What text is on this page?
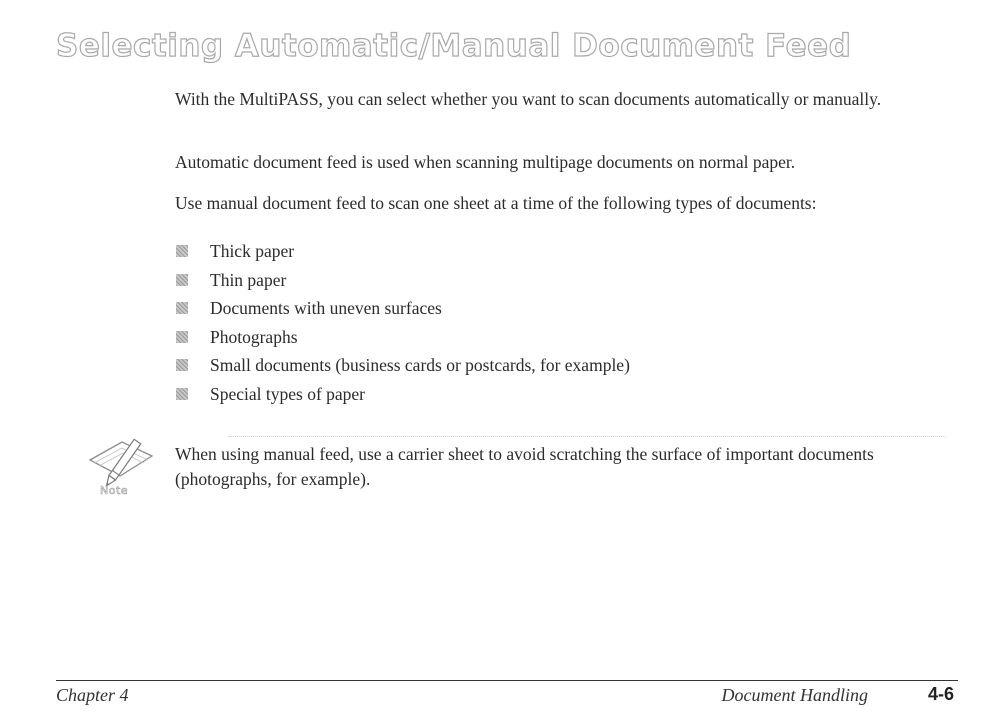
Selecting Automatic/Manual Document Feed

With the MultiPASS, you can select whether you want to scan documents automatically or manually.

Automatic document feed is used when scanning multipage documents on normal paper.

Use manual document feed to scan one sheet at a time of the following types of documents:

Thick paper
Thin paper
Documents with uneven surfaces
Photographs
Small documents (business cards or postcards, for example)
Special types of paper
Note

When using manual feed, use a carrier sheet to avoid scratching the surface of important documents (photographs, for example).

Chapter 4	Document Handling	4-6
